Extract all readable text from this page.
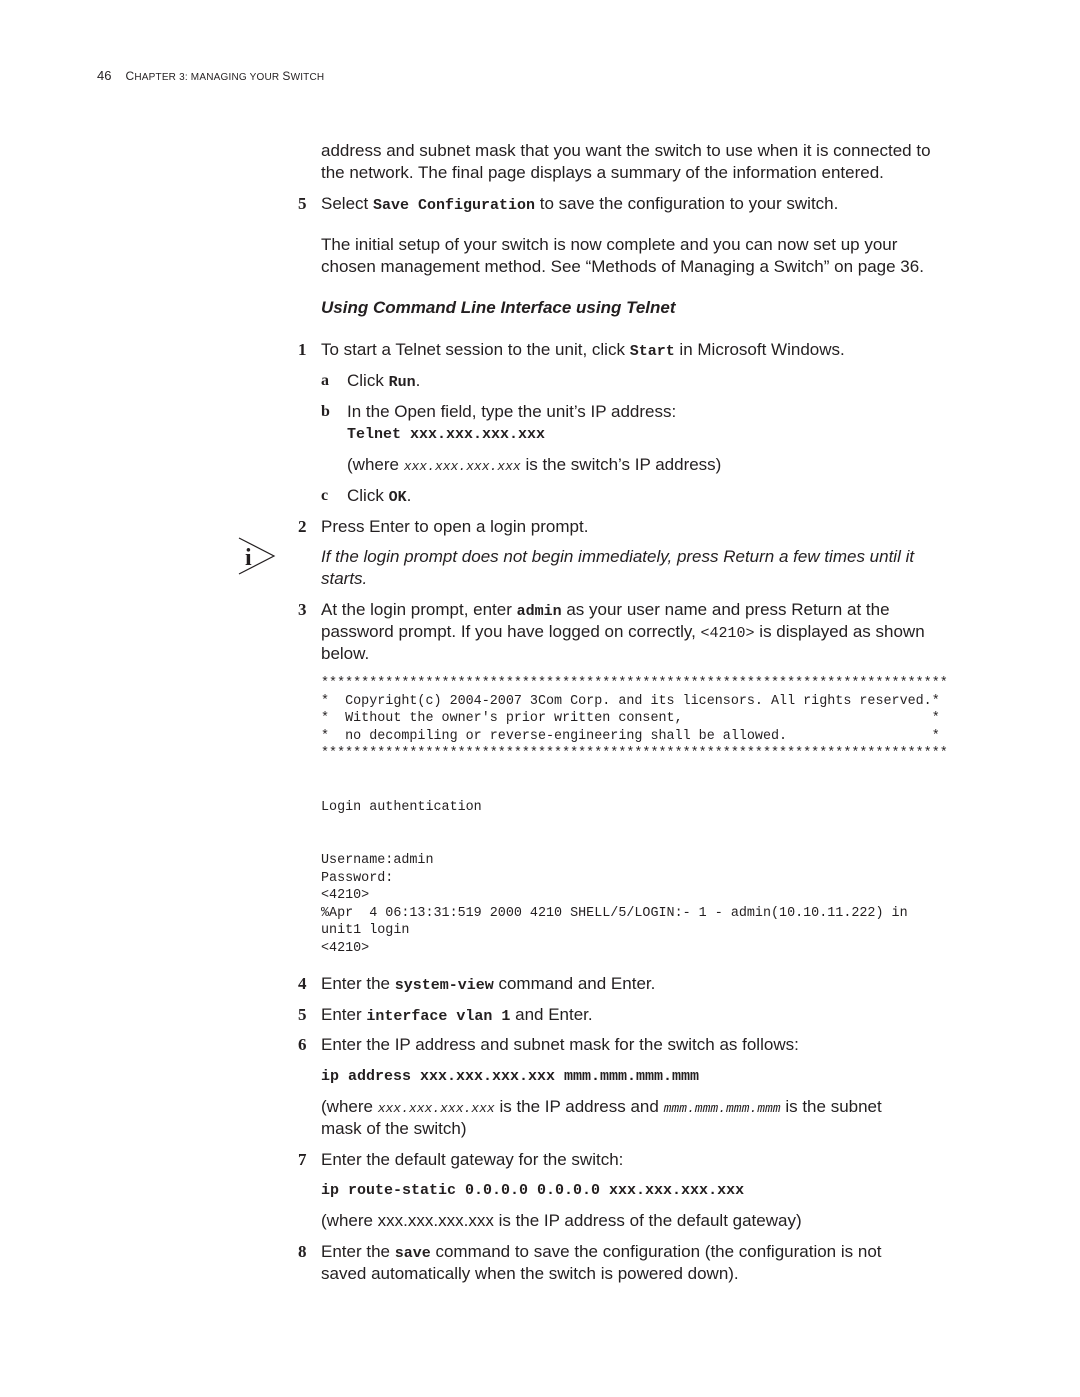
46 CHAPTER 3: MANAGING YOUR SWITCH
address and subnet mask that you want the switch to use when it is connected to
the network. The final page displays a summary of the information entered.
5 Select Save Configuration to save the configuration to your switch.
The initial setup of your switch is now complete and you can now set up your
chosen management method. See “Methods of Managing a Switch” on page 36.
Using Command Line Interface using Telnet
1 To start a Telnet session to the unit, click Start in Microsoft Windows.
a Click Run.
b In the Open field, type the unit’s IP address:
Telnet xxx.xxx.xxx.xxx
(where xxx.xxx.xxx.xxx is the switch’s IP address)
c Click OK.
2 Press Enter to open a login prompt.
i	If the login prompt does not begin immediately, press Return a few times until it
starts.
3 At the login prompt, enter admin as your user name and press Return at the
password prompt. If you have logged on correctly, <4210> is displayed as shown
below.
******************************************************************************
*  Copyright(c) 2004-2007 3Com Corp. and its licensors. All rights reserved.*
*  Without the owner's prior written consent,                               *
*  no decompiling or reverse-engineering shall be allowed.                  *
******************************************************************************
Login authentication
Username:admin
Password:
<4210>
%Apr  4 06:13:31:519 2000 4210 SHELL/5/LOGIN:- 1 - admin(10.10.11.222) in
unit1 login
<4210>
4 Enter the system-view command and Enter.
5 Enter interface vlan 1 and Enter.
6 Enter the IP address and subnet mask for the switch as follows:
ip address xxx.xxx.xxx.xxx mmm.mmm.mmm.mmm
(where xxx.xxx.xxx.xxx is the IP address and mmm.mmm.mmm.mmm is the subnet
mask of the switch)
7 Enter the default gateway for the switch:
ip route-static 0.0.0.0 0.0.0.0 xxx.xxx.xxx.xxx
(where xxx.xxx.xxx.xxx is the IP address of the default gateway)
8 Enter the save command to save the configuration (the configuration is not
saved automatically when the switch is powered down).
